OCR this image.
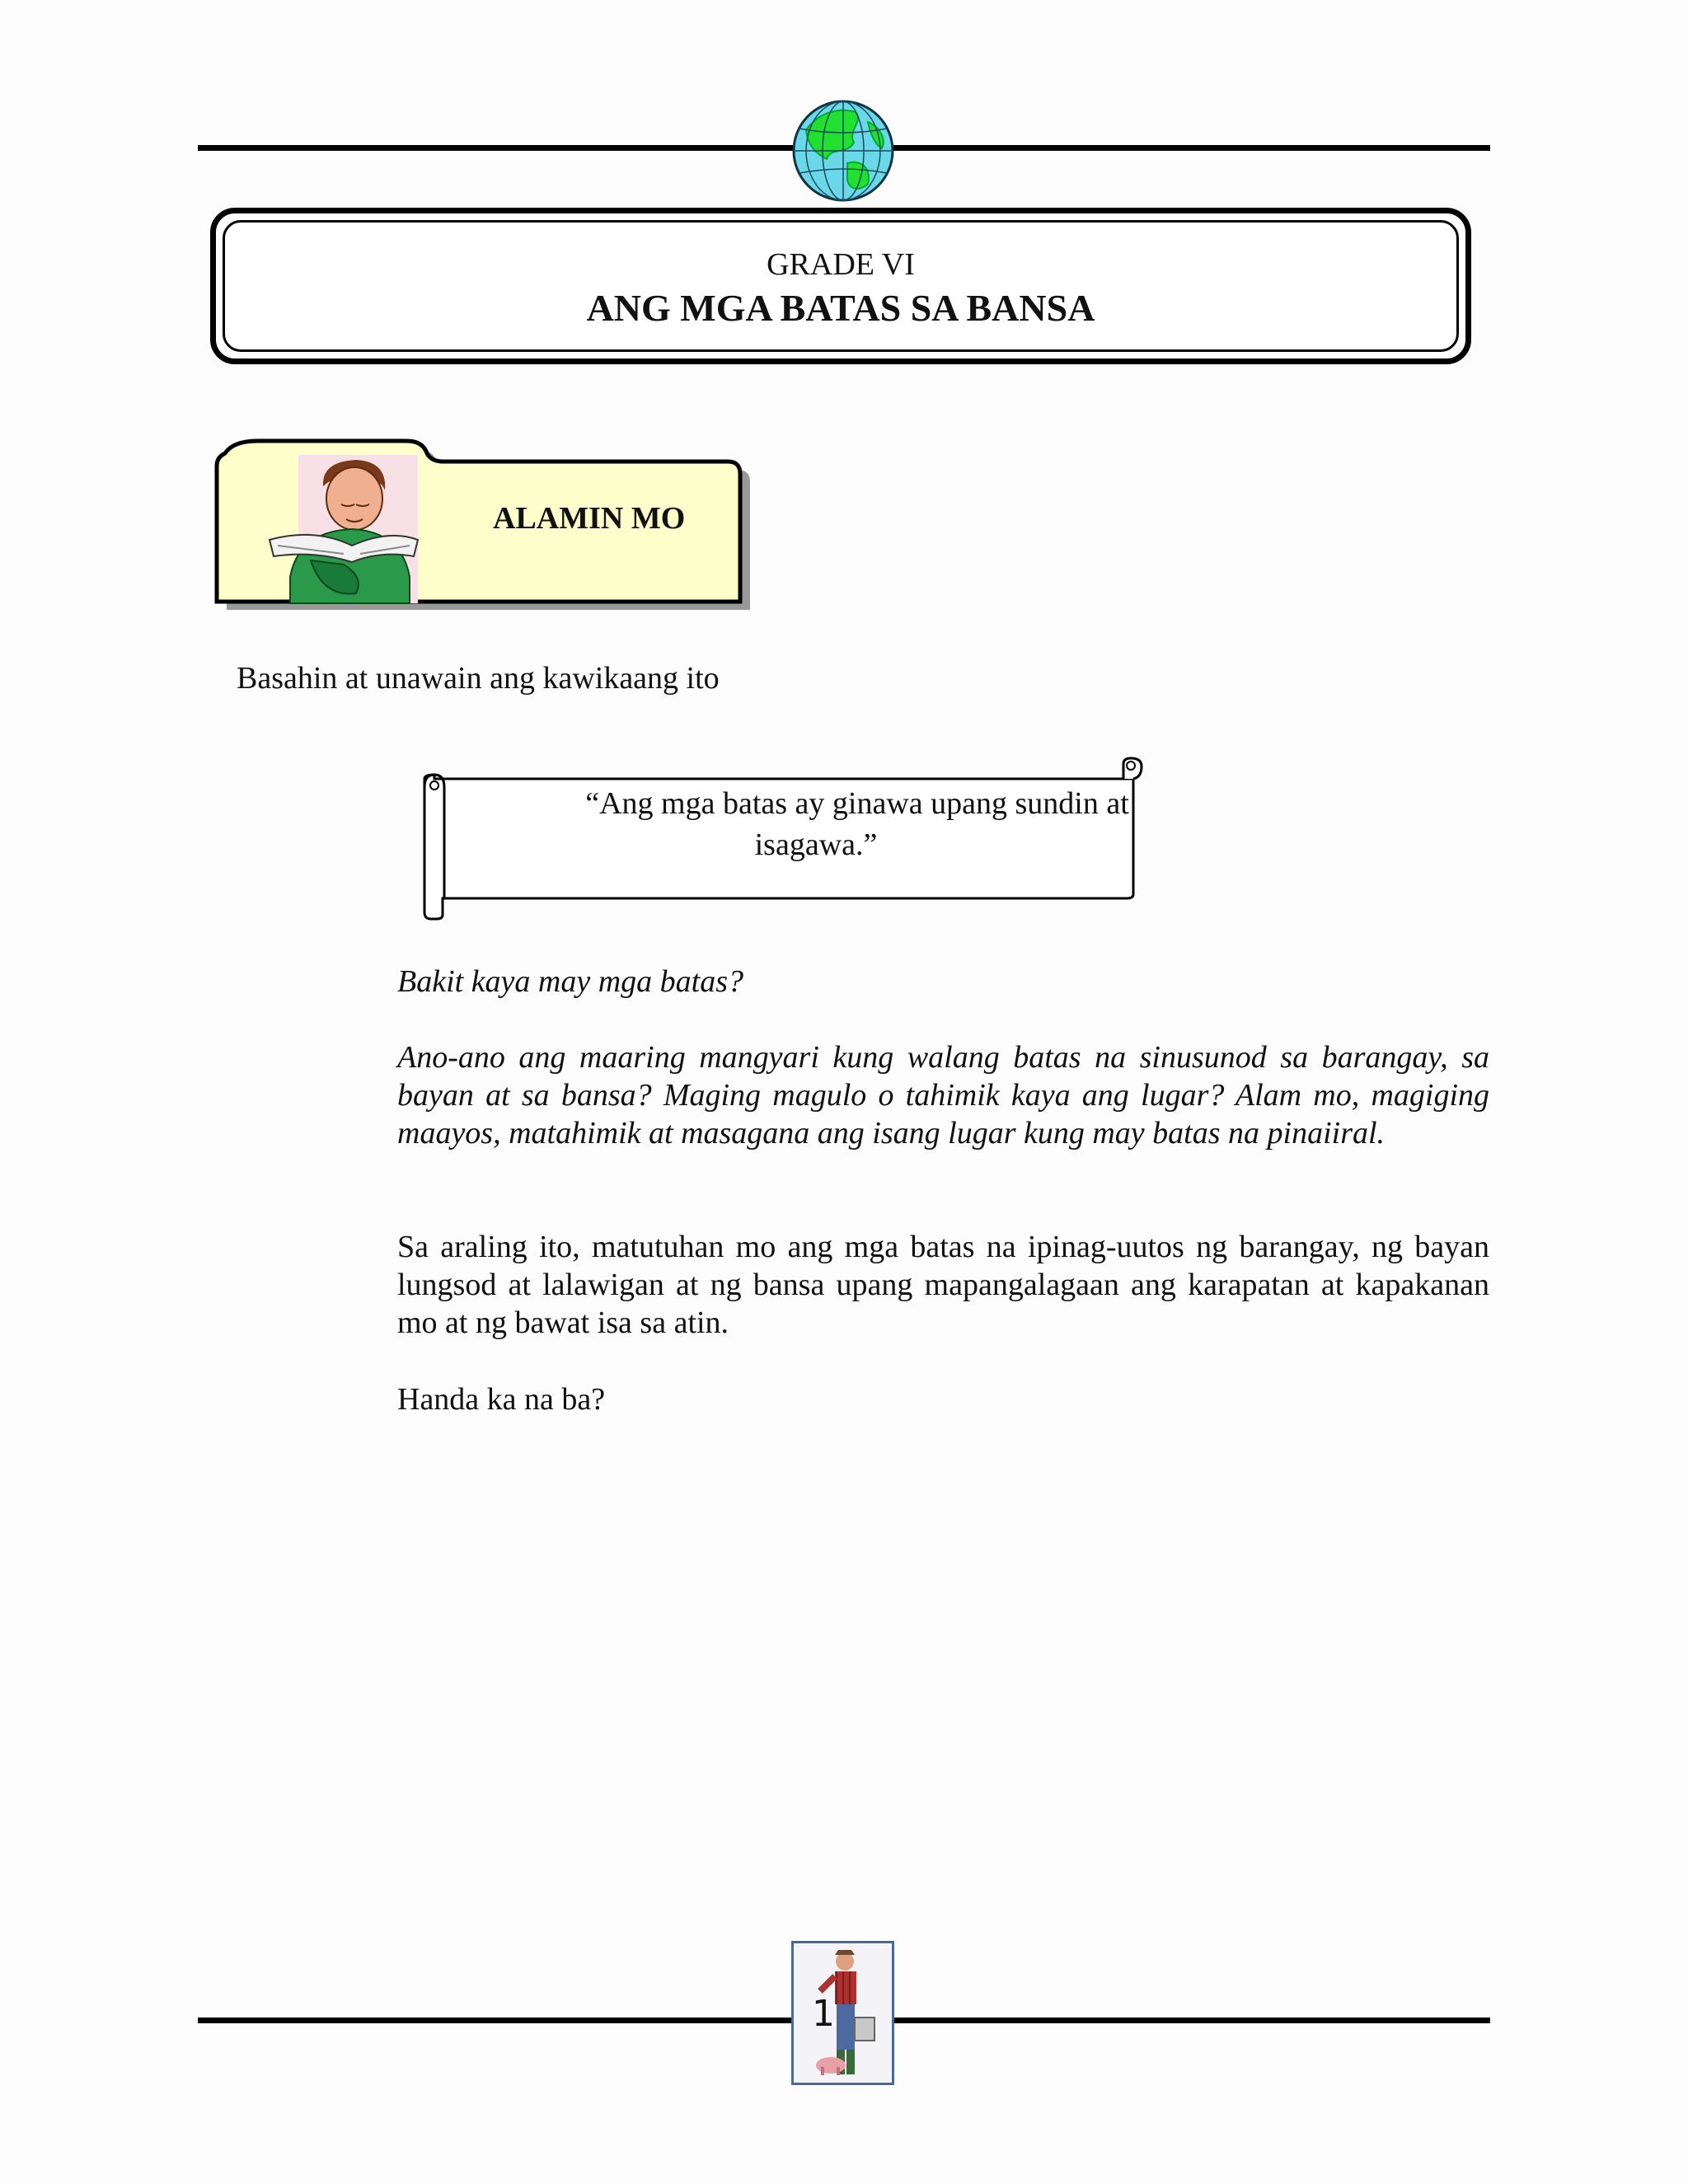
GRADE VI
ANG MGA BATAS SA BANSA
ALAMIN MO
Basahin at unawain ang kawikaang ito
“Ang mga batas ay ginawa upang sundin at
isagawa.”
Bakit kaya may mga batas?
Ano-ano ang maaring mangyari kung walang batas na sinusunod sa barangay, sa bayan at sa bansa? Maging magulo o tahimik kaya ang lugar? Alam mo, magiging maayos, matahimik at masagana ang isang lugar kung may batas na pinaiiral.
Sa araling ito, matutuhan mo ang mga batas na ipinag-uutos ng barangay, ng bayan lungsod at lalawigan at ng bansa upang mapangalagaan ang karapatan at kapakanan mo at ng bawat isa sa atin.
Handa ka na ba?
1
